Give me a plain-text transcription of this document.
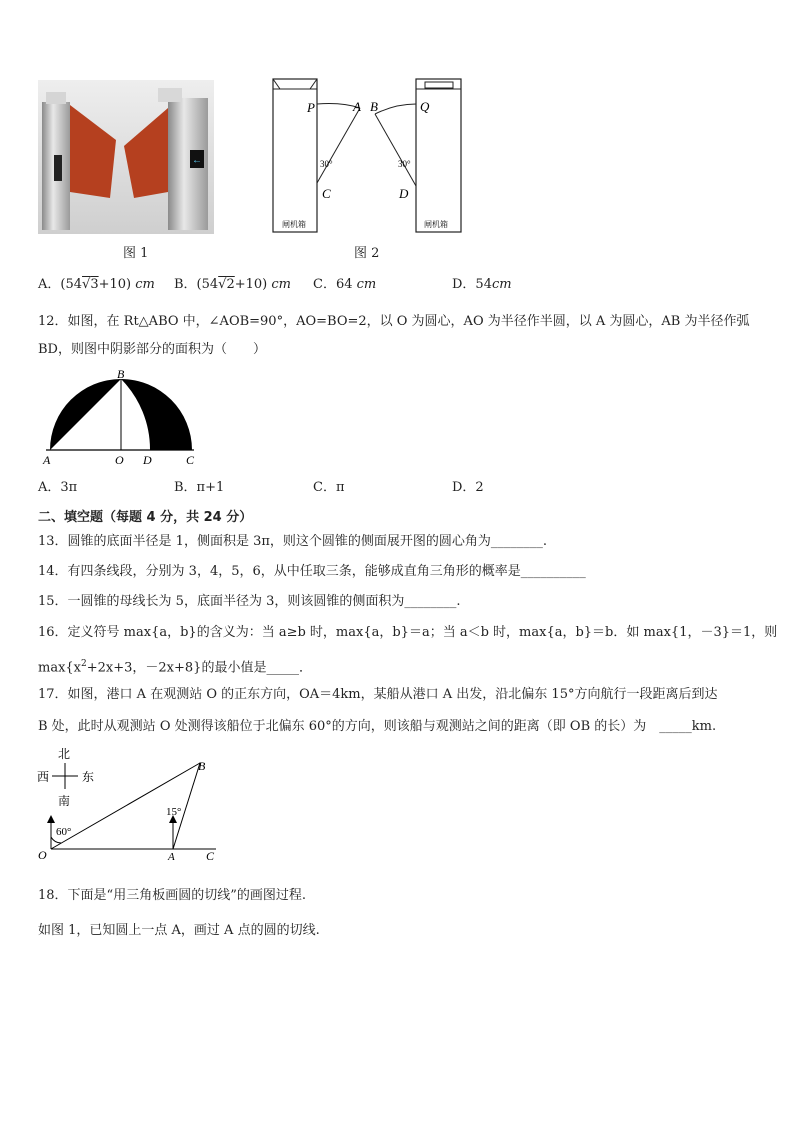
←
图 1
P	A B	Q
30°	30°
C	D
闸机箱	闸机箱
图 2
A．(54√3+10) cm B．(54√2+10) cm C．64 cm	D．54cm
12．如图，在 Rt△ABO 中，∠AOB=90°，AO=BO=2，以 O 为圆心，AO 为半径作半圆，以 A 为圆心，AB 为半径作弧
BD，则图中阴影部分的面积为（　　）
A	O D	C
B
A．3π	B．π+1	C．π	D．2
二、填空题（每题 4 分，共 24 分）
13．圆锥的底面半径是 1，侧面积是 3π，则这个圆锥的侧面展开图的圆心角为________.
14．有四条线段，分别为 3，4，5，6，从中任取三条，能够成直角三角形的概率是__________
15．一圆锥的母线长为 5，底面半径为 3，则该圆锥的侧面积为________.
16．定义符号 max{a，b}的含义为：当 a≥b 时，max{a，b}＝a；当 a＜b 时，max{a，b}＝b．如 max{1，－3}＝1，则
$\max\{x^2+2x+3$，－2x+8}的最小值是_____．
17．如图，港口 A 在观测站 O 的正东方向，OA＝4km，某船从港口 A 出发，沿北偏东 15°方向航行一段距离后到达
B 处，此时从观测站 O 处测得该船位于北偏东 60°的方向，则该船与观测站之间的距离（即 OB 的长）为　_____km.
北
南
西	东
60°
15°
O	A
B
C
18．下面是“用三角板画圆的切线”的画图过程.
如图 1，已知圆上一点 A，画过 A 点的圆的切线.
